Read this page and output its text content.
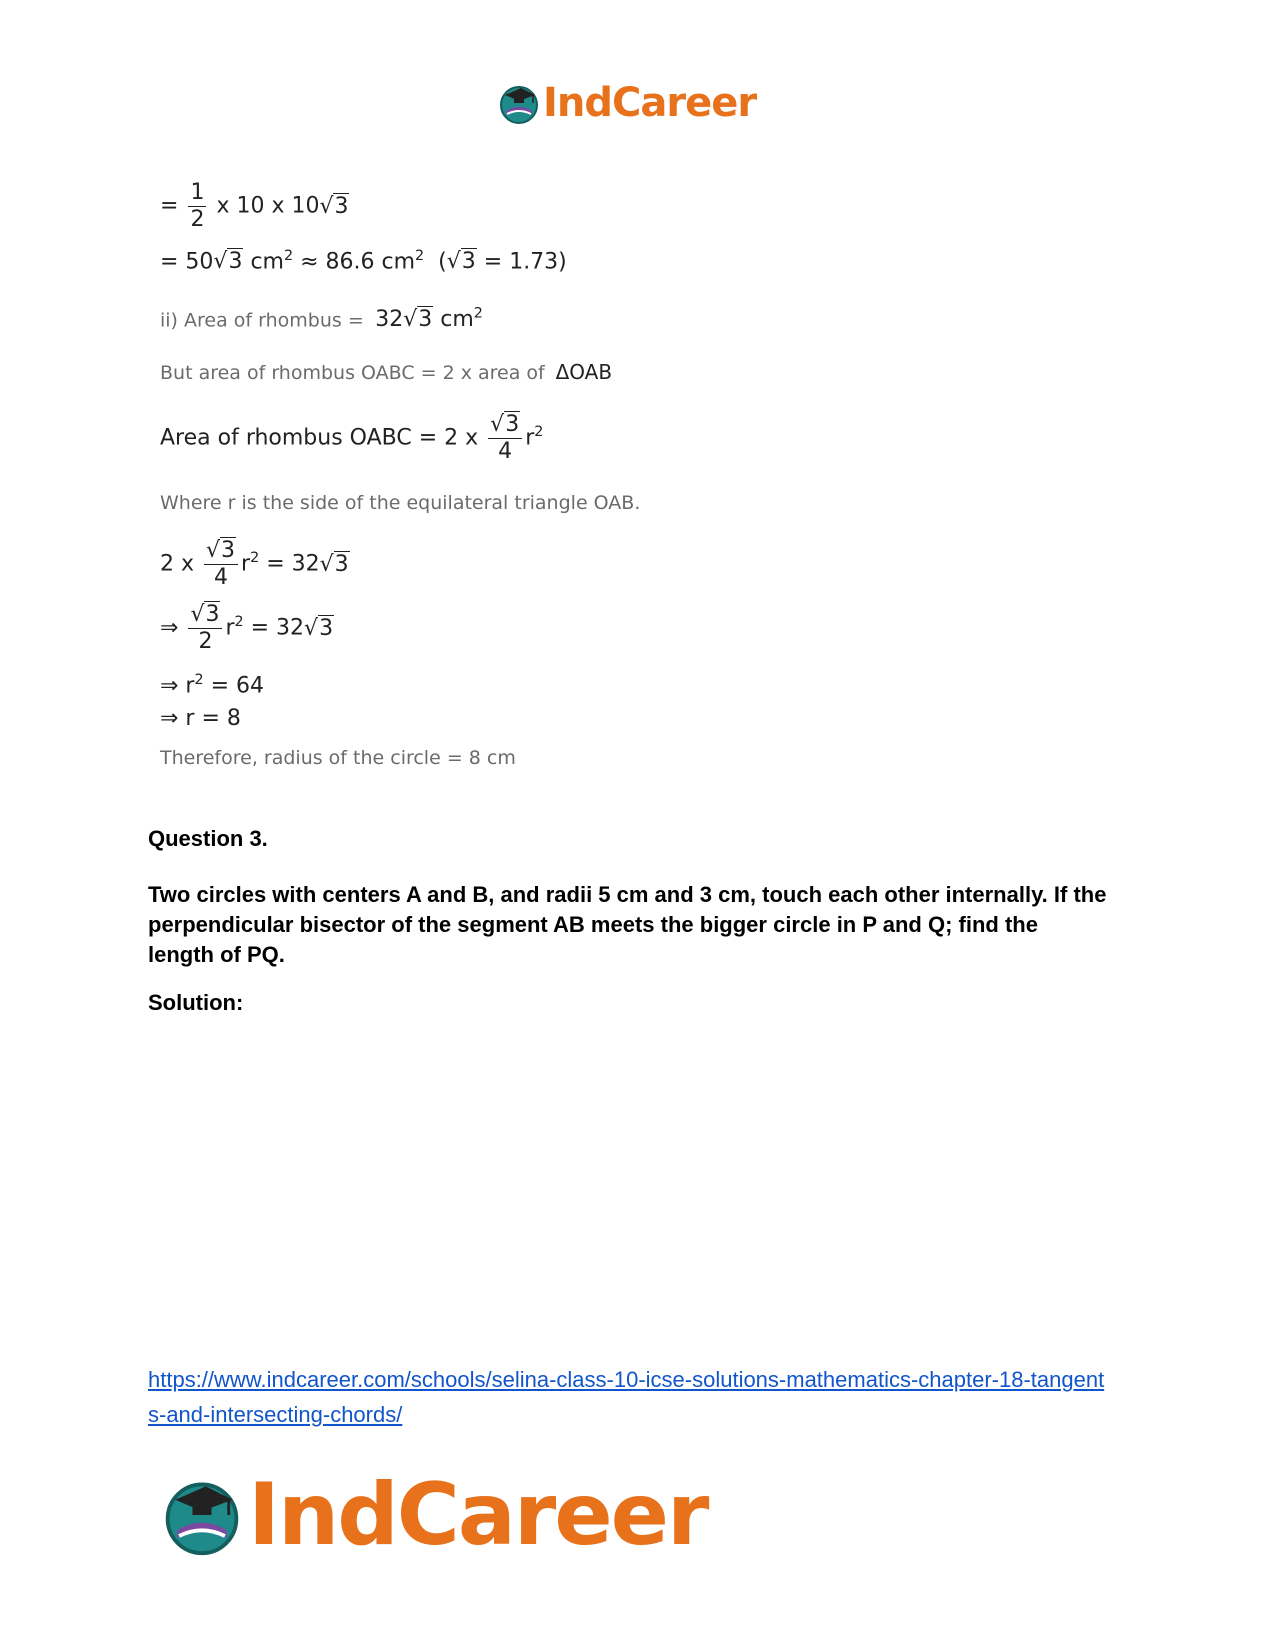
IndCareer
= $\frac{1}{2}$ x 10 x 10√3
= 50√3 $cm^2 \approx 86.6$ $cm^2$ (√3 = 1.73)
ii) Area of rhombus = 32√3 $cm^2$
But area of rhombus OABC = 2 x area of ΔOAB
Area of rhombus OABC = 2 x $\frac{√3}{4} r^2$
Where r is the side of the equilateral triangle OAB.
2 x $\frac{√3}{4} r^2 = 32√3$
⇒ $\frac{√3}{2} r^2 = 32√3$
⇒ $r^2 = 64$
⇒ r = 8
Therefore, radius of the circle = 8 cm
Question 3.
Two circles with centers A and B, and radii 5 cm and 3 cm, touch each other internally. If the perpendicular bisector of the segment AB meets the bigger circle in P and Q; find the length of PQ.
Solution:
https://www.indcareer.com/schools/selina-class-10-icse-solutions-mathematics-chapter-18-tangents-and-intersecting-chords/
IndCareer
